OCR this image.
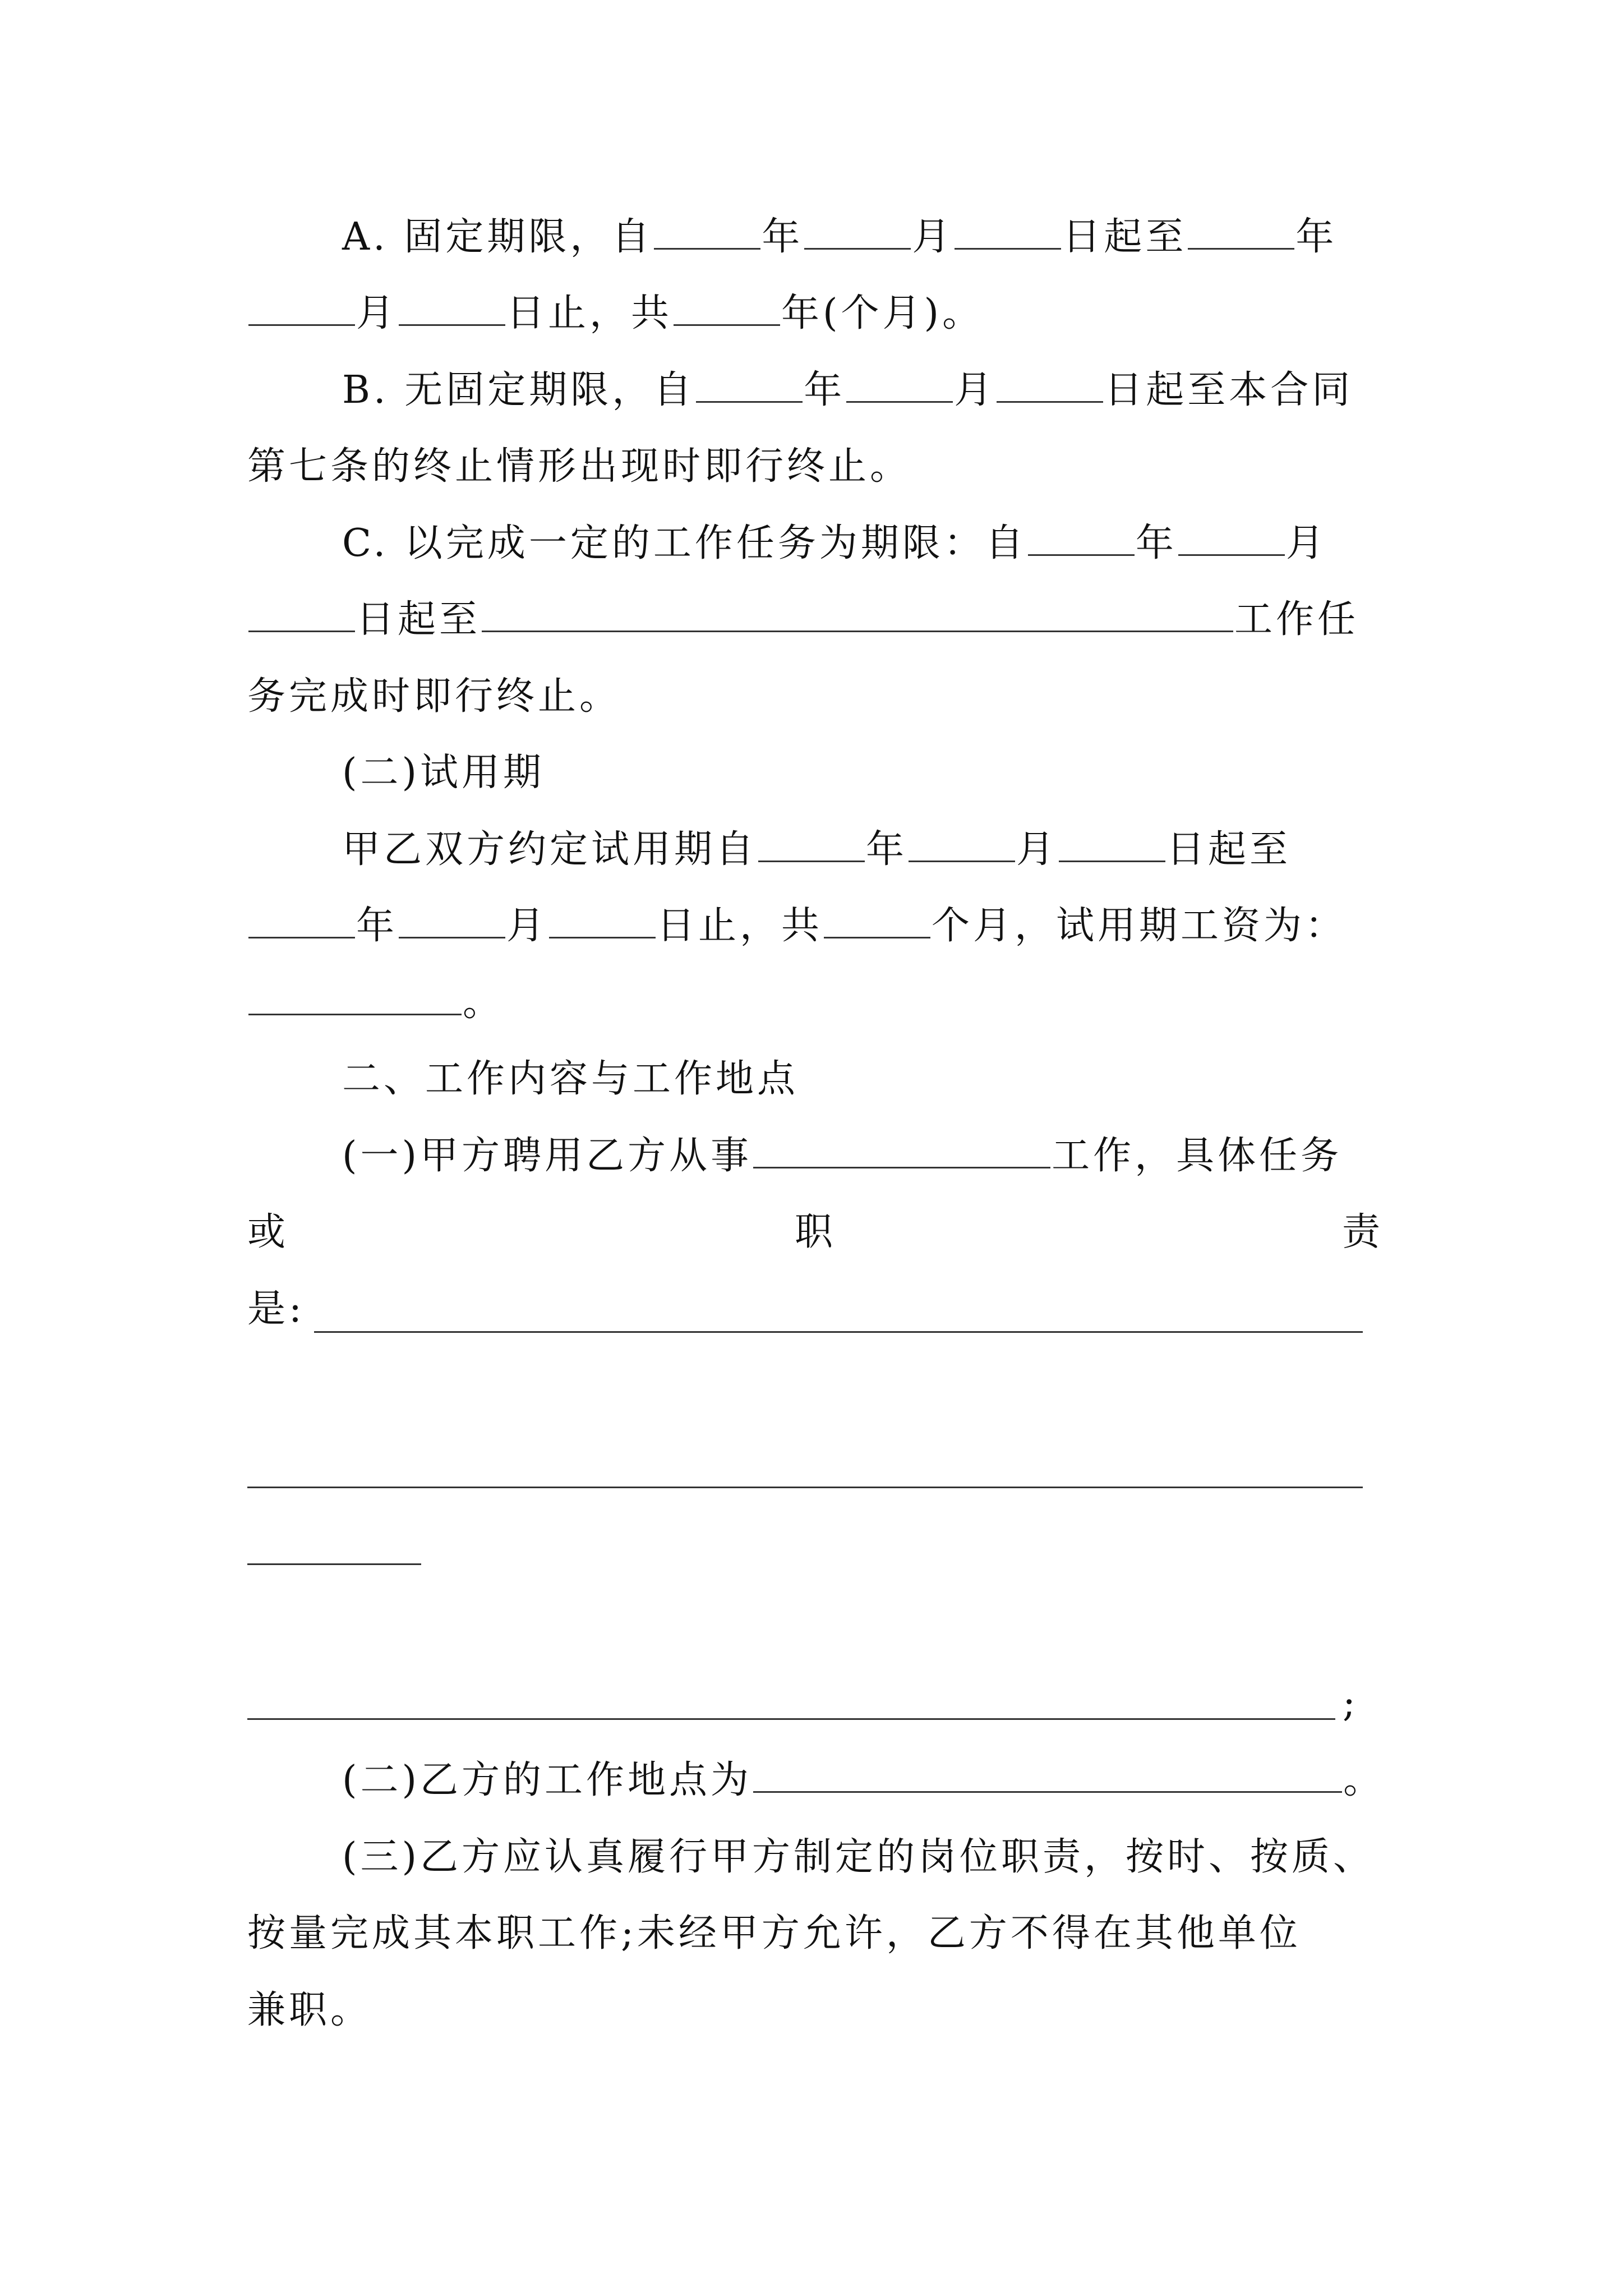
A. 固定期限，自	年	月	日起至	年
月	日止，共	年(个月)。
B. 无固定期限，自	年	月	日起至本合同
第七条的终止情形出现时即行终止。
C. 以完成一定的工作任务为期限：自	年	月
日起至	工作任
务完成时即行终止。
(二)试用期
甲乙双方约定试用期自	年	月	日起至
年	月	日止，共	个月，试用期工资为：
。
二、工作内容与工作地点
(一)甲方聘用乙方从事	工作，具体任务
或	职	责
是:
;
(二)乙方的工作地点为	。
(三)乙方应认真履行甲方制定的岗位职责，按时、按质、
按量完成其本职工作;未经甲方允许，乙方不得在其他单位
兼职。
